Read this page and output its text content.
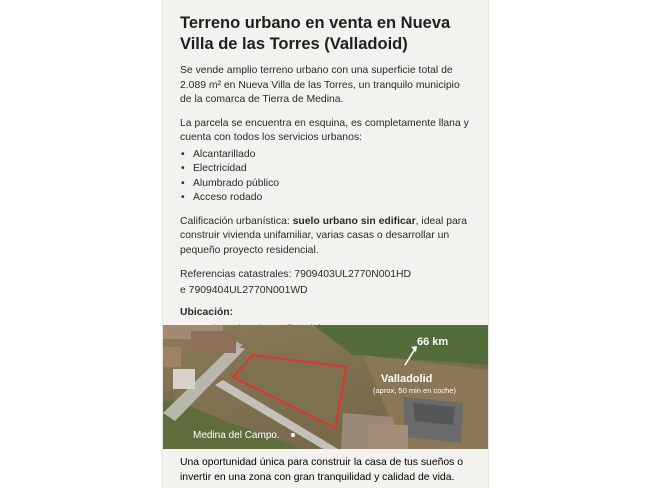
Terreno urbano en venta en Nueva Villa de las Torres (Valladoid)

Se vende amplio terreno urbano con una superficie total de 2.089 m² en Nueva Villa de las Torres, un tranquilo municipio de la comarca de Tierra de Medina.

La parcela se encuentra en esquina, es completamente llana y cuenta con todos los servicios urbanos:

• Alcantarillado
• Electricidad
• Alumbrado público
• Acceso rodado

Calificación urbanística: suelo urbano sin edificar, ideal para construir vivienda unifamiliar, varias casas o desarrollar un pequeño proyecto residencial.

Referencias catastrales: 7909403UL2770N001HD

e 7909404UL2770N001WD

Ubicación:

•
•
66 km
Valladolid
(aprox, 50 min en coche)
Medina del Campo.

Una oportunidad única para construir la casa de tus sueños o invertir en una zona con gran tranquilidad y calidad de vida.
